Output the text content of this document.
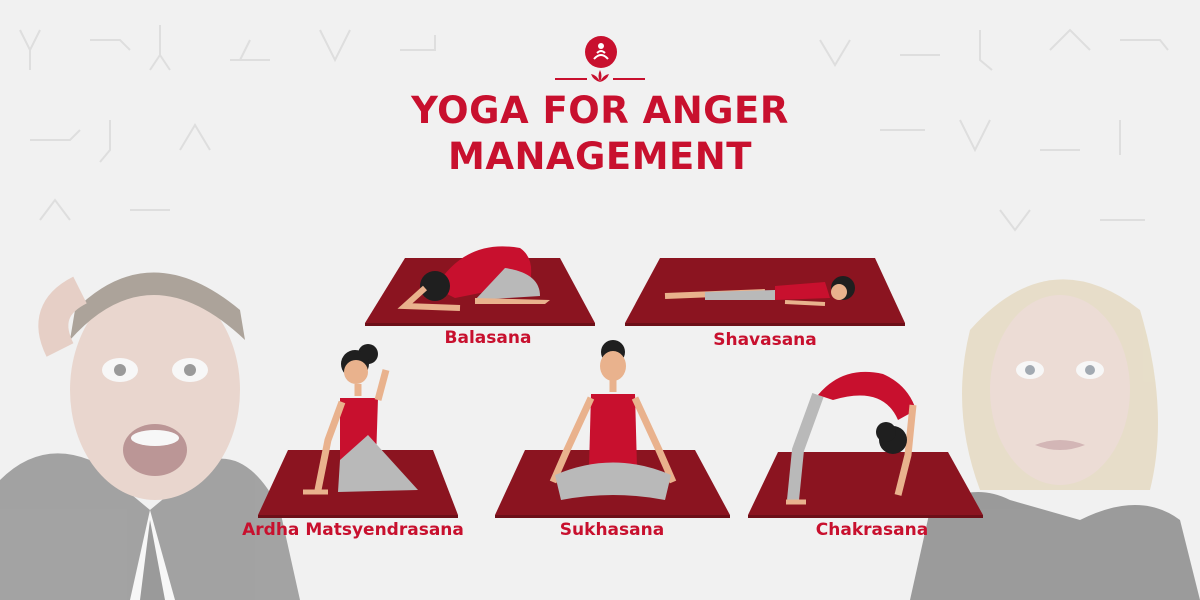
YOGA FOR ANGER
MANAGEMENT
Balasana	Shavasana
Ardha Matsyendrasana	Sukhasana	Chakrasana
